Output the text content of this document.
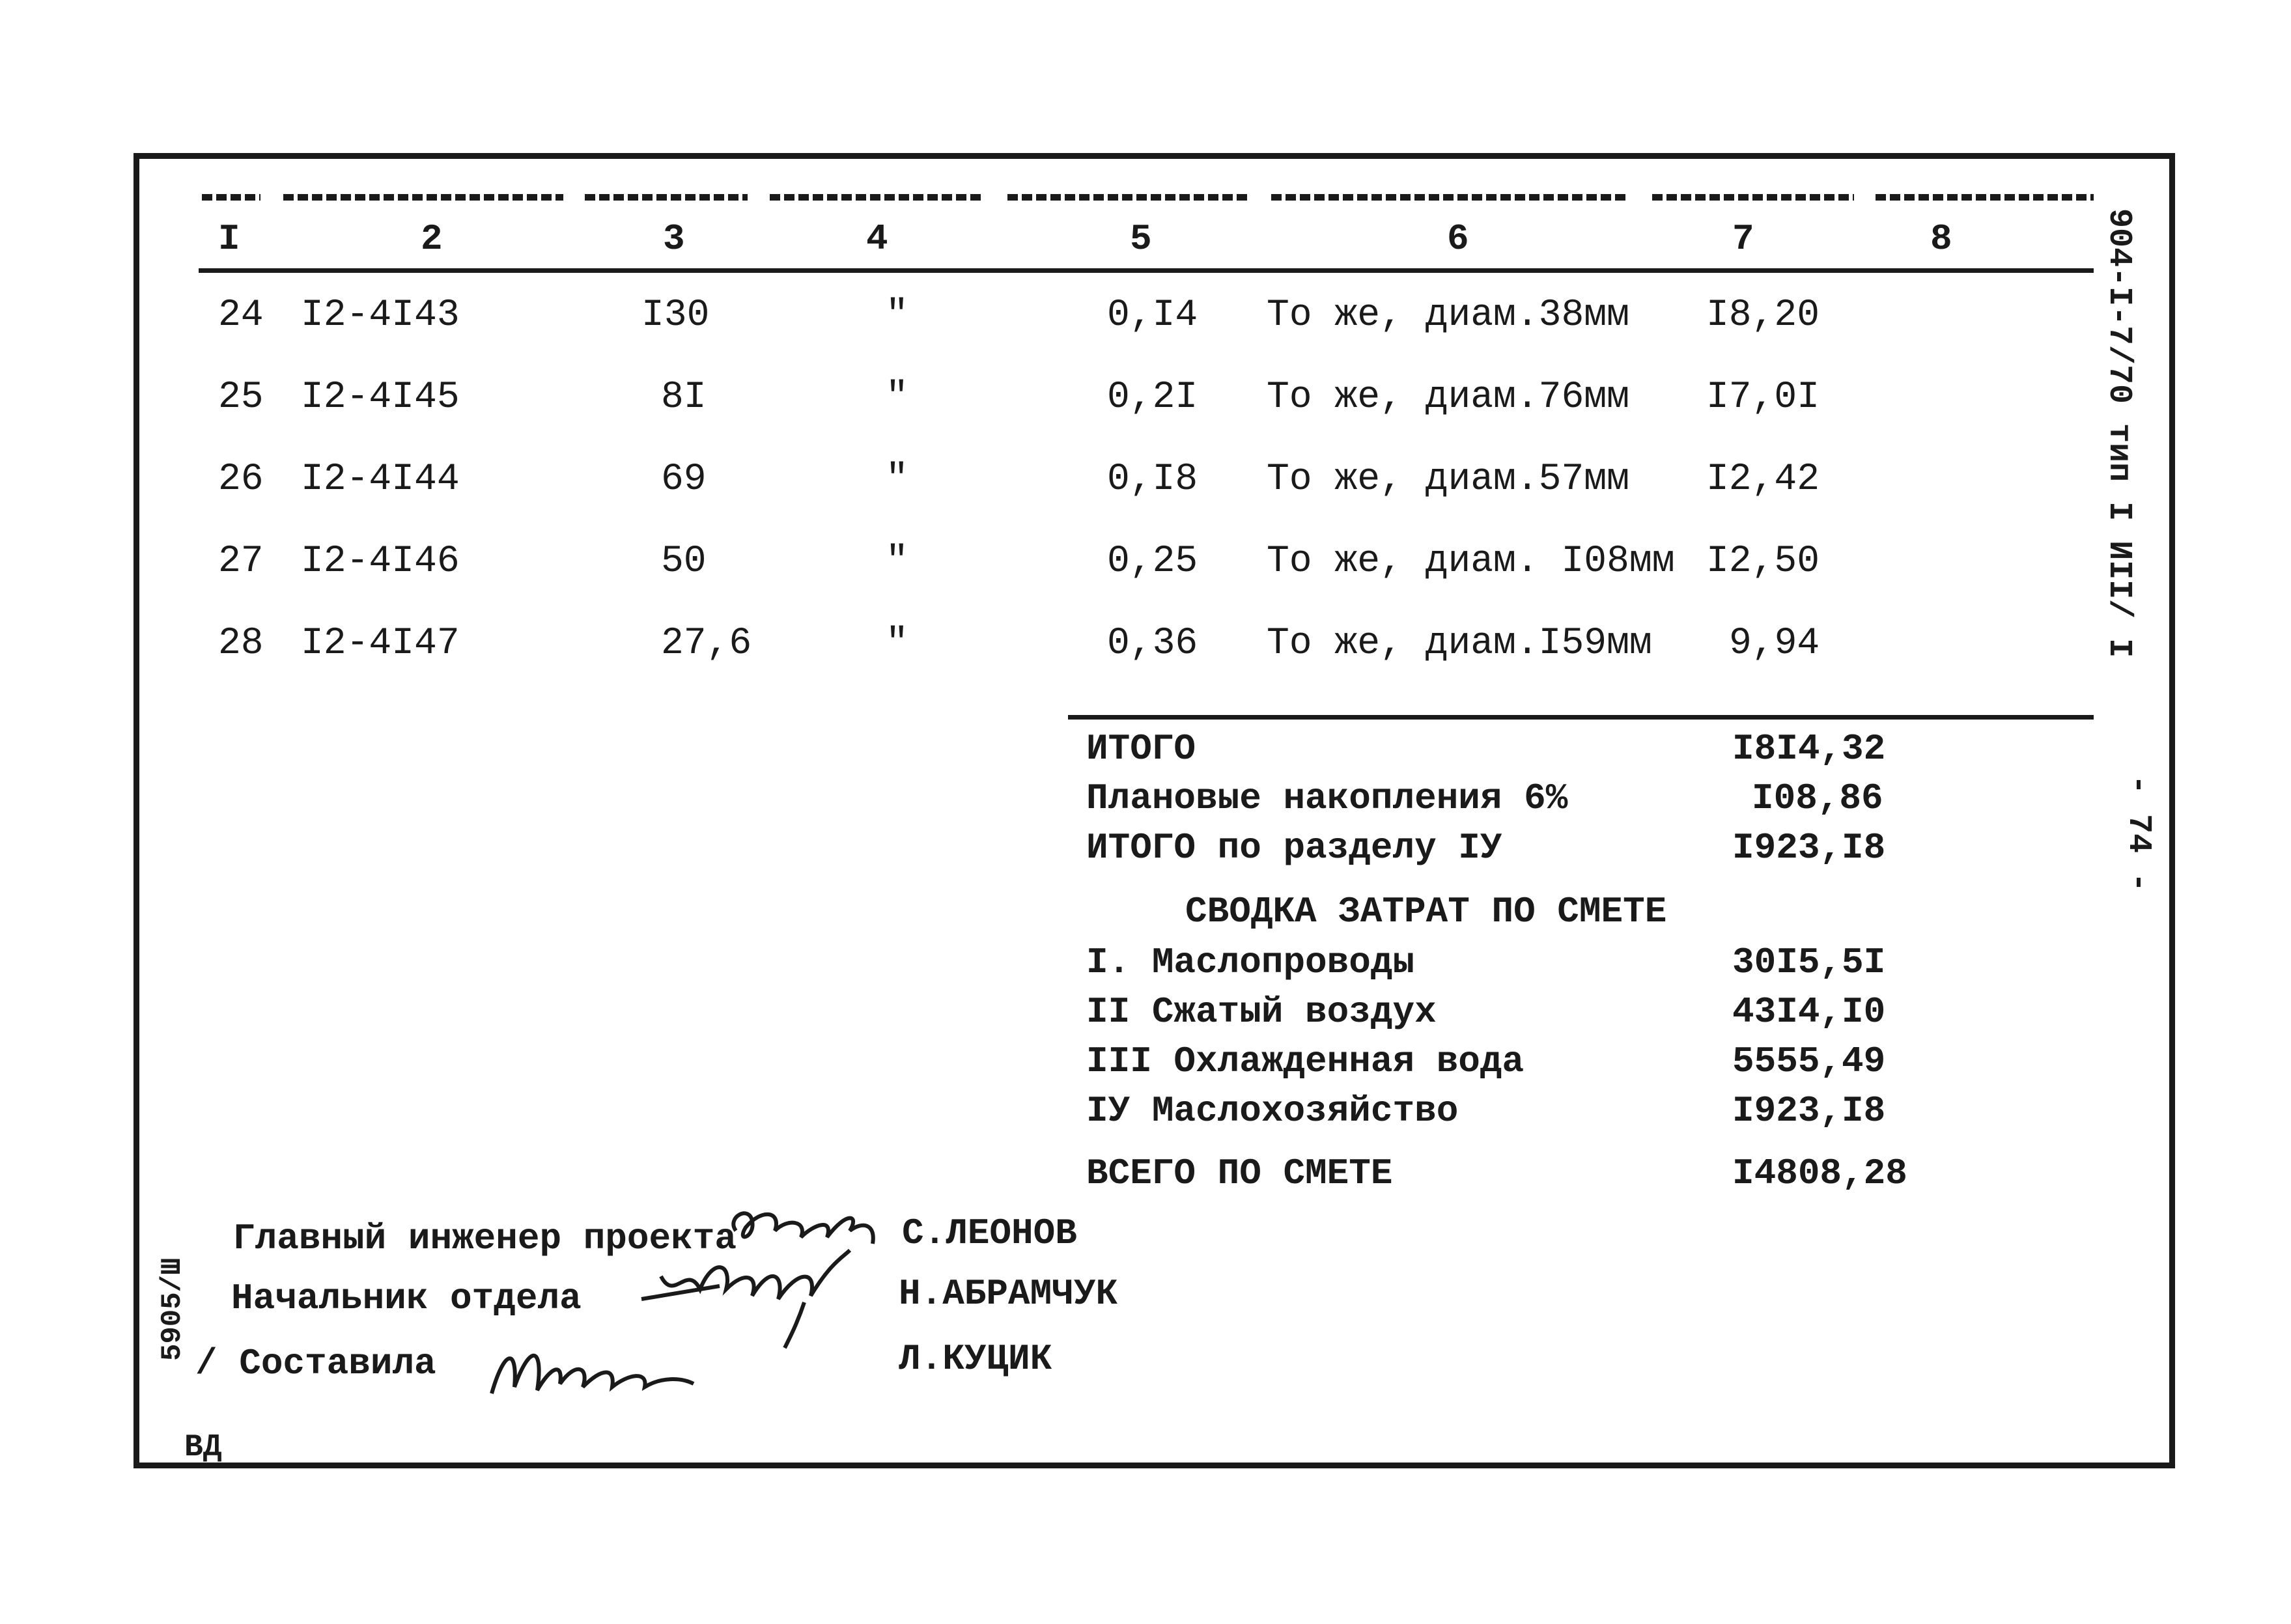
I	2	3	4	5	6	7	8
24 I2-4I43	I30	"	0,I4 То же, диам.38мм I8,20
25 I2-4I45	8I	"	0,2I То же, диам.76мм I7,0I
26 I2-4I44	69	"	0,I8 То же, диам.57мм I2,42
27 I2-4I46	50	"	0,25 То же, диам. I08мм I2,50
28 I2-4I47	27,6	"	0,36 То же, диам.I59мм 9,94
ИТОГО	I8I4,32
Плановые накопления 6%	I08,86
ИТОГО по разделу IУ	I923,I8
СВОДКА ЗАТРАТ ПО СМЕТЕ
I. Маслопроводы	30I5,5I
II Сжатый воздух	43I4,I0
III Охлажденная вода	5555,49
IУ Маслохозяйство	I923,I8
ВСЕГО ПО СМЕТЕ	I4808,28
Главный инженер проекта	С.ЛЕОНОВ
Начальник отдела	Н.АБРАМЧУК
/ Составила	Л.КУЦИК
ВД
904-I-7/70 тип I ИII/ I
- 74 -
5905/Ш
